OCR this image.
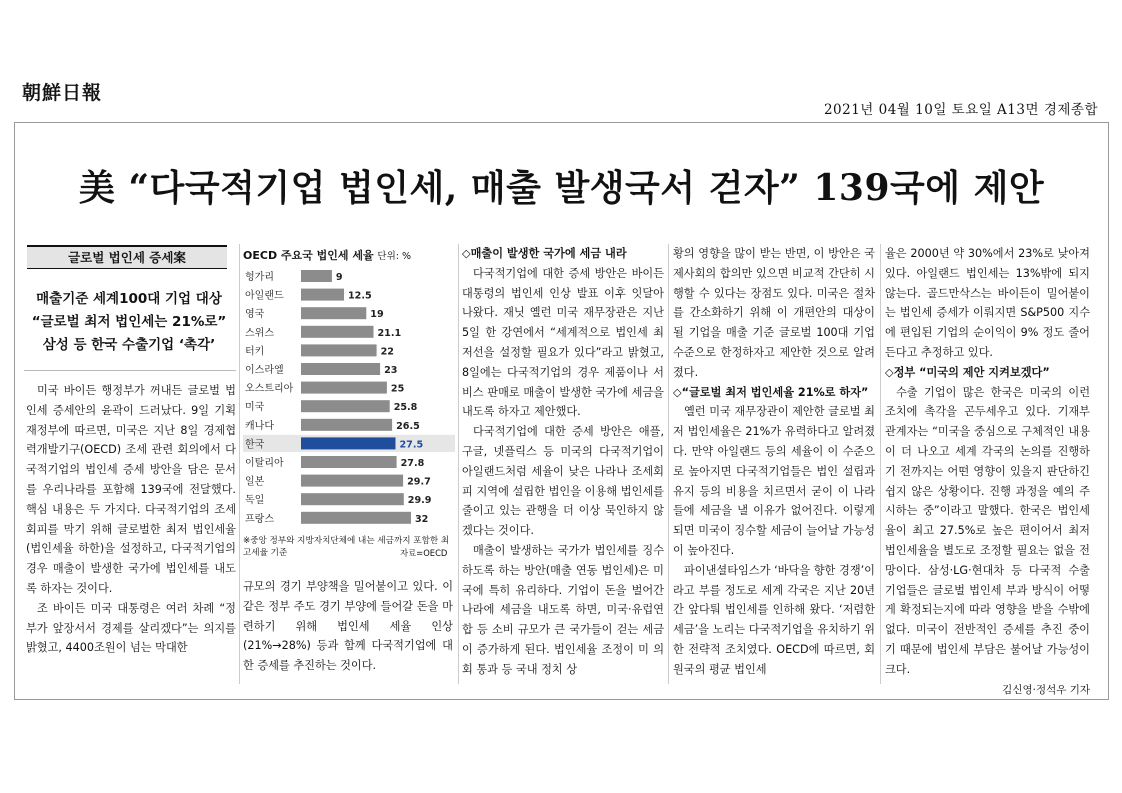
朝鮮日報
2021년 04월 10일 토요일 A13면 경제종합
美 “다국적기업 법인세, 매출 발생국서 걷자” 139국에 제안
글로벌 법인세 증세案
매출기준 세계100대 기업 대상
“글로벌 최저 법인세는 21%로”
삼성 등 한국 수출기업 ‘촉각’

미국 바이든 행정부가 꺼내든 글로벌 법인세 증세안의 윤곽이 드러났다. 9일 기획재정부에 따르면, 미국은 지난 8일 경제협력개발기구(OECD) 조세 관련 회의에서 다국적기업의 법인세 증세 방안을 담은 문서를 우리나라를 포함해 139국에 전달했다. 핵심 내용은 두 가지다. 다국적기업의 조세 회피를 막기 위해 글로벌한 최저 법인세율(법인세율 하한)을 설정하고, 다국적기업의 경우 매출이 발생한 국가에 법인세를 내도록 하자는 것이다.

조 바이든 미국 대통령은 여러 차례 “정부가 앞장서서 경제를 살리겠다”는 의지를 밝혔고, 4400조원이 넘는 막대한

OECD 주요국 법인세 세율 단위: %
헝가리	9
아일랜드	12.5
영국	19
스위스	21.1
터키	22
이스라엘	23
오스트리아	25
미국	25.8
캐나다	26.5
한국	27.5
이탈리아	27.8
일본	29.7
독일	29.9
프랑스	32
※중앙 정부와 지방자치단체에 내는 세금까지 포함한 최고세율 기준	자료=OECD

규모의 경기 부양책을 밀어붙이고 있다. 이 같은 정부 주도 경기 부양에 들어갈 돈을 마련하기 위해 법인세 세율 인상(21%→28%) 등과 함께 다국적기업에 대한 증세를 추진하는 것이다.

◇매출이 발생한 국가에 세금 내라

다국적기업에 대한 증세 방안은 바이든 대통령의 법인세 인상 발표 이후 잇달아 나왔다. 재닛 옐런 미국 재무장관은 지난 5일 한 강연에서 “세계적으로 법인세 최저선을 설정할 필요가 있다”라고 밝혔고, 8일에는 다국적기업의 경우 제품이나 서비스 판매로 매출이 발생한 국가에 세금을 내도록 하자고 제안했다.

다국적기업에 대한 증세 방안은 애플, 구글, 넷플릭스 등 미국의 다국적기업이 아일랜드처럼 세율이 낮은 나라나 조세회피 지역에 설립한 법인을 이용해 법인세를 줄이고 있는 관행을 더 이상 묵인하지 않겠다는 것이다.

매출이 발생하는 국가가 법인세를 징수하도록 하는 방안(매출 연동 법인세)은 미국에 특히 유리하다. 기업이 돈을 벌어간 나라에 세금을 내도록 하면, 미국·유럽연합 등 소비 규모가 큰 국가들이 걷는 세금이 증가하게 된다. 법인세율 조정이 미 의회 통과 등 국내 정치 상

황의 영향을 많이 받는 반면, 이 방안은 국제사회의 합의만 있으면 비교적 간단히 시행할 수 있다는 장점도 있다. 미국은 절차를 간소화하기 위해 이 개편안의 대상이 될 기업을 매출 기준 글로벌 100대 기업 수준으로 한정하자고 제안한 것으로 알려졌다.

◇“글로벌 최저 법인세율 21%로 하자”

옐런 미국 재무장관이 제안한 글로벌 최저 법인세율은 21%가 유력하다고 알려졌다. 만약 아일랜드 등의 세율이 이 수준으로 높아지면 다국적기업들은 법인 설립과 유지 등의 비용을 치르면서 굳이 이 나라들에 세금을 낼 이유가 없어진다. 이렇게 되면 미국이 징수할 세금이 늘어날 가능성이 높아진다.

파이낸셜타임스가 ‘바닥을 향한 경쟁’이라고 부를 정도로 세계 각국은 지난 20년간 앞다퉈 법인세를 인하해 왔다. ‘저렴한 세금’을 노리는 다국적기업을 유치하기 위한 전략적 조치였다. OECD에 따르면, 회원국의 평균 법인세

율은 2000년 약 30%에서 23%로 낮아져 있다. 아일랜드 법인세는 13%밖에 되지 않는다. 골드만삭스는 바이든이 밀어붙이는 법인세 증세가 이뤄지면 S&P500 지수에 편입된 기업의 순이익이 9% 정도 줄어든다고 추정하고 있다.

◇정부 “미국의 제안 지켜보겠다”

수출 기업이 많은 한국은 미국의 이런 조치에 촉각을 곤두세우고 있다. 기재부 관계자는 “미국을 중심으로 구체적인 내용이 더 나오고 세계 각국의 논의를 진행하기 전까지는 어떤 영향이 있을지 판단하긴 쉽지 않은 상황이다. 진행 과정을 예의 주시하는 중”이라고 말했다. 한국은 법인세율이 최고 27.5%로 높은 편이어서 최저 법인세율을 별도로 조정할 필요는 없을 전망이다. 삼성·LG·현대차 등 다국적 수출 기업들은 글로벌 법인세 부과 방식이 어떻게 확정되는지에 따라 영향을 받을 수밖에 없다. 미국이 전반적인 증세를 추진 중이기 때문에 법인세 부담은 불어날 가능성이 크다.

김신영·정석우 기자
